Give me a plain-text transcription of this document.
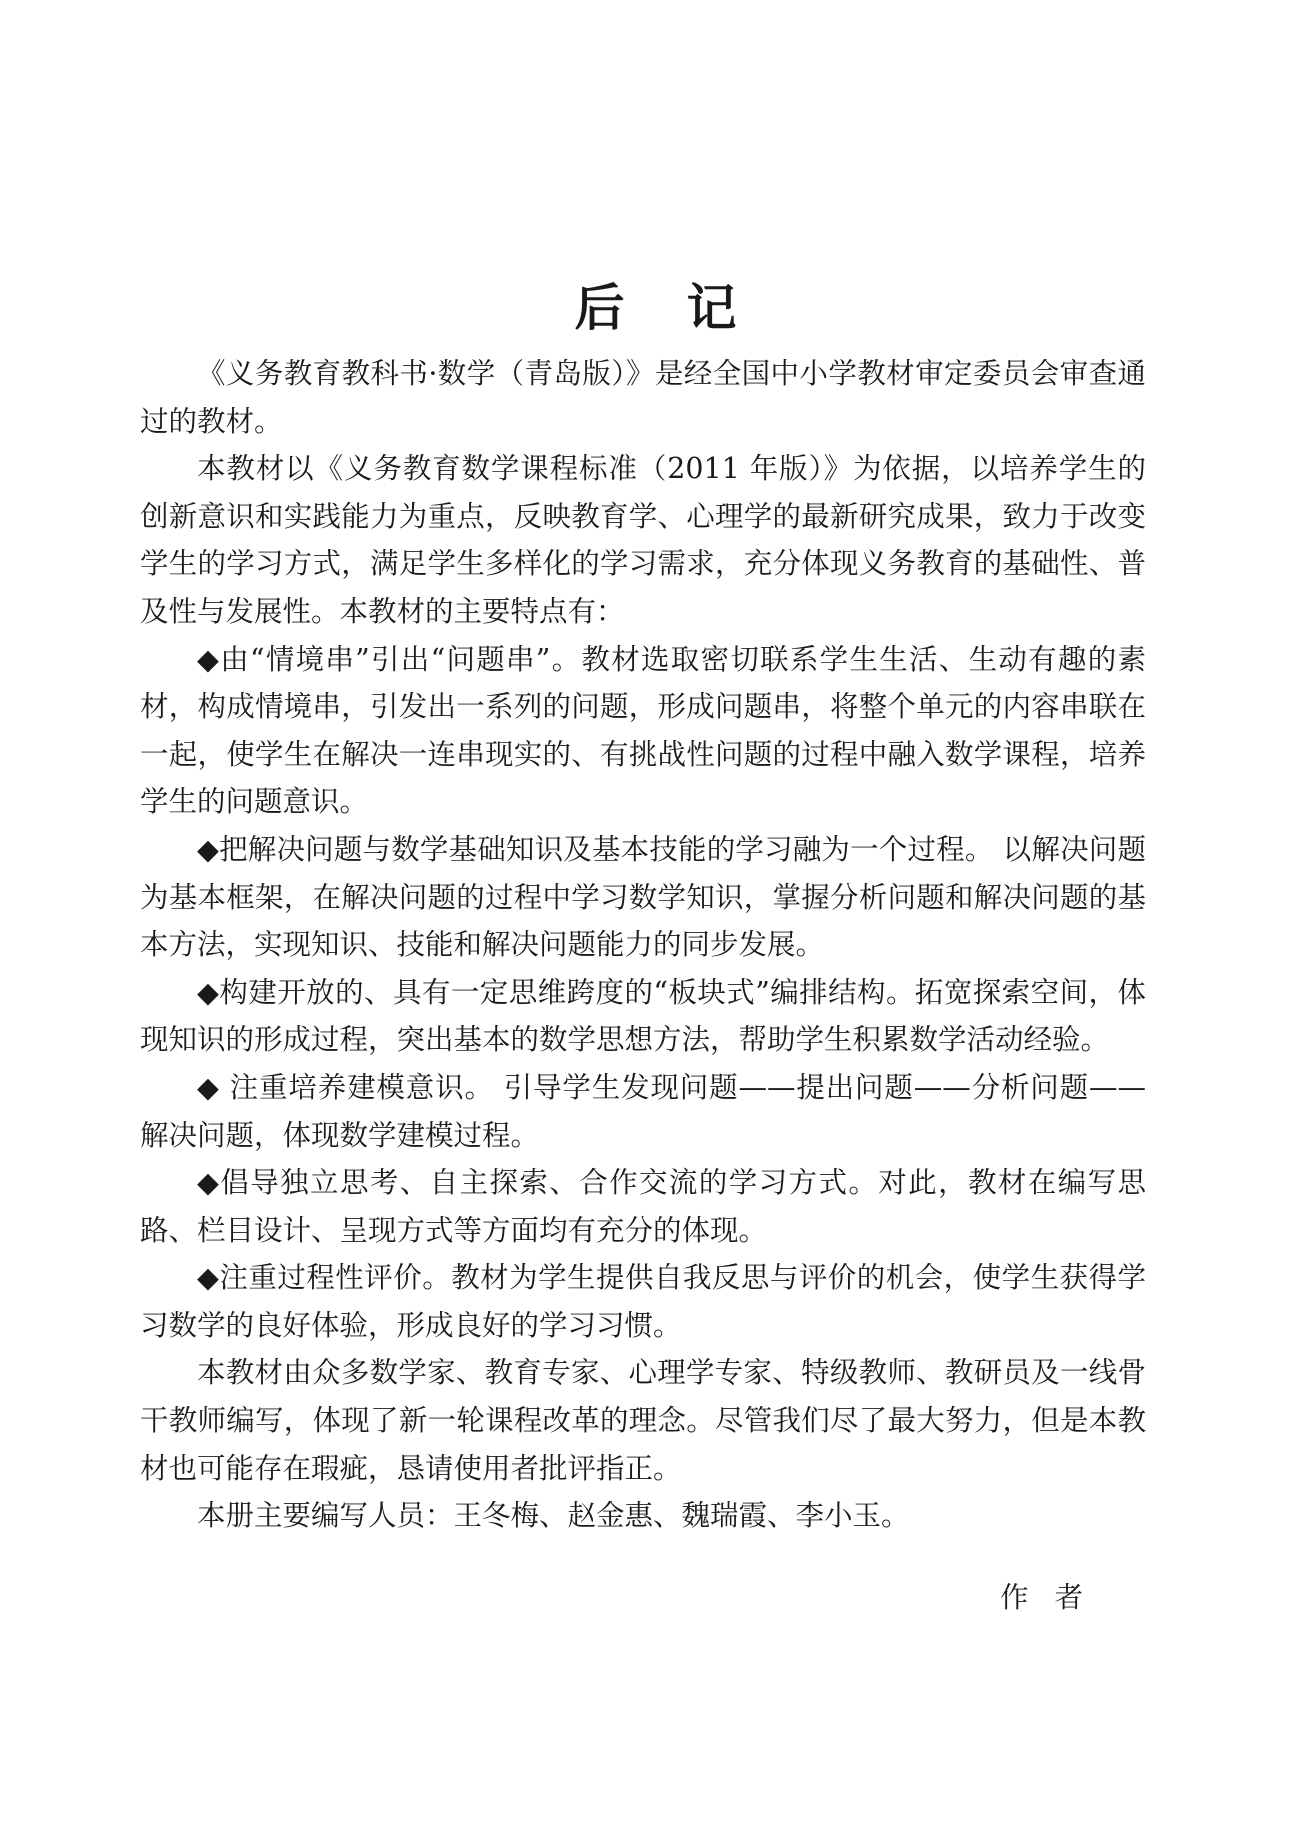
后 记

《义务教育教科书·数学（青岛版）》是经全国中小学教材审定委员会审查通过的教材。

本教材以《义务教育数学课程标准（2011 年版）》为依据，以培养学生的创新意识和实践能力为重点，反映教育学、心理学的最新研究成果，致力于改变学生的学习方式，满足学生多样化的学习需求，充分体现义务教育的基础性、普及性与发展性。本教材的主要特点有：

◆由“情境串”引出“问题串”。教材选取密切联系学生生活、生动有趣的素材，构成情境串，引发出一系列的问题，形成问题串，将整个单元的内容串联在一起，使学生在解决一连串现实的、有挑战性问题的过程中融入数学课程，培养学生的问题意识。

◆把解决问题与数学基础知识及基本技能的学习融为一个过程。 以解决问题为基本框架，在解决问题的过程中学习数学知识，掌握分析问题和解决问题的基本方法，实现知识、技能和解决问题能力的同步发展。

◆构建开放的、具有一定思维跨度的“板块式”编排结构。拓宽探索空间，体现知识的形成过程，突出基本的数学思想方法，帮助学生积累数学活动经验。

◆ 注重培养建模意识。 引导学生发现问题——提出问题——分析问题——解决问题，体现数学建模过程。

◆倡导独立思考、自主探索、合作交流的学习方式。对此，教材在编写思路、栏目设计、呈现方式等方面均有充分的体现。

◆注重过程性评价。教材为学生提供自我反思与评价的机会，使学生获得学习数学的良好体验，形成良好的学习习惯。

本教材由众多数学家、教育专家、心理学专家、特级教师、教研员及一线骨干教师编写，体现了新一轮课程改革的理念。尽管我们尽了最大努力，但是本教材也可能存在瑕疵，恳请使用者批评指正。

本册主要编写人员：王冬梅、赵金惠、魏瑞霞、李小玉。

作 者
